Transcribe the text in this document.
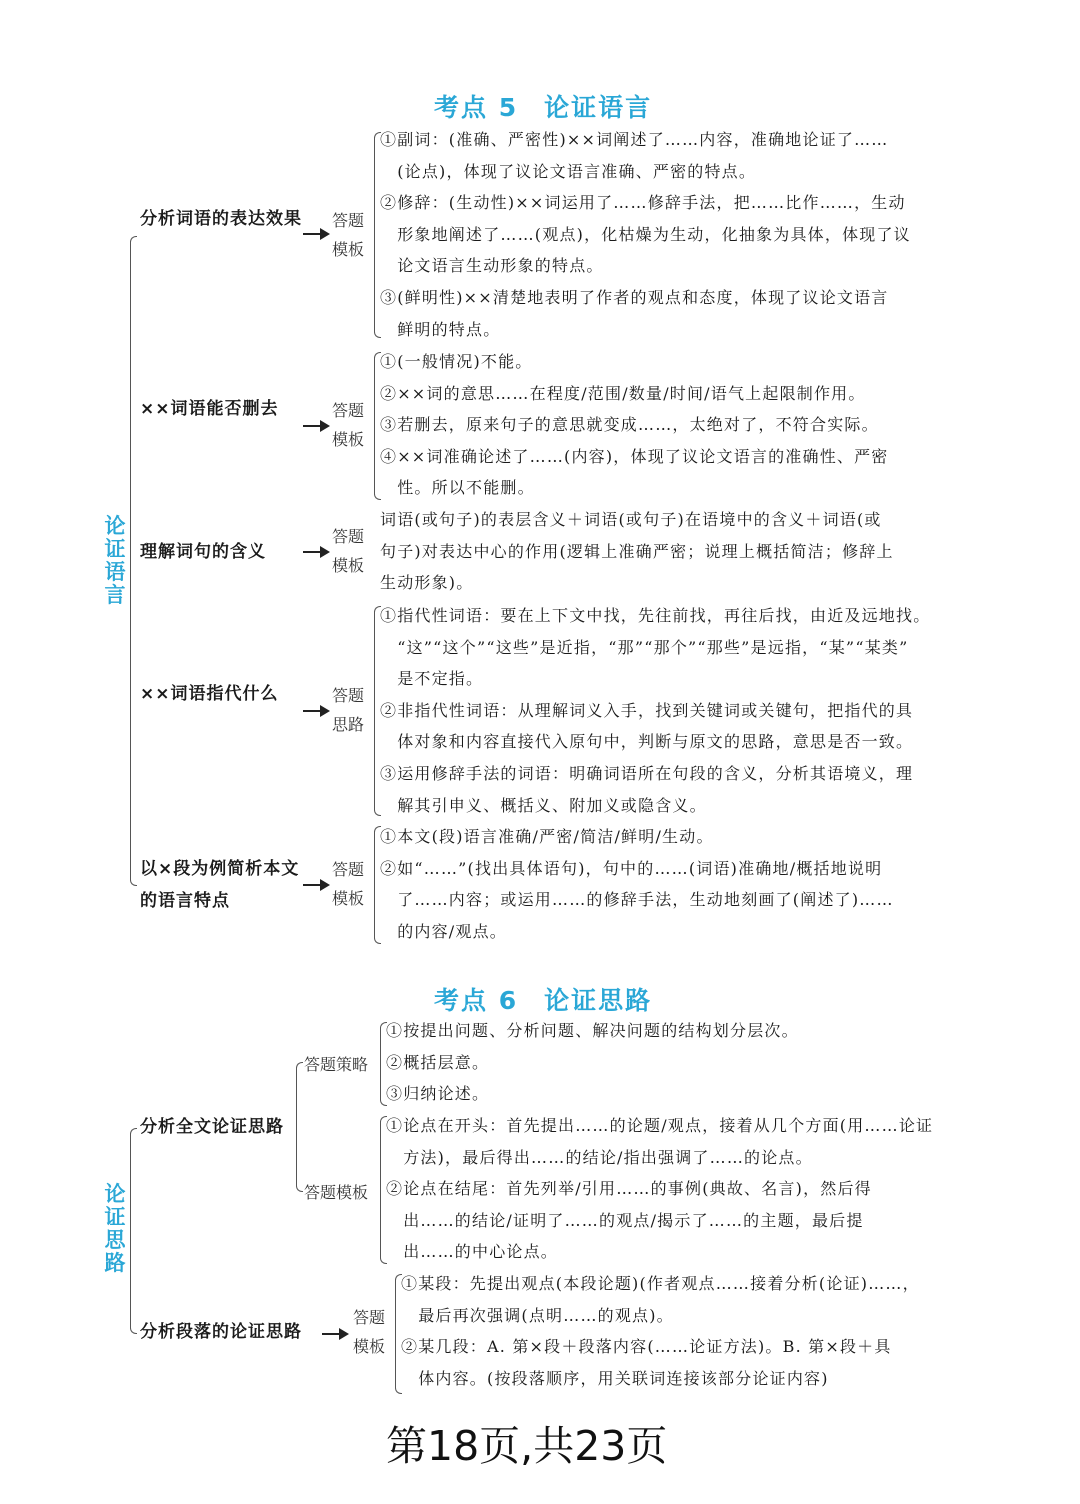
考点 5 论证语言
论证语言
分析词语的表达效果 答题
模板
①副词：(准确、严密性)××词阐述了……内容，准确地论证了……
　(论点)，体现了议论文语言准确、严密的特点。
②修辞：(生动性)××词运用了……修辞手法，把……比作……，生动
　形象地阐述了……(观点)，化枯燥为生动，化抽象为具体，体现了议
　论文语言生动形象的特点。
③(鲜明性)××清楚地表明了作者的观点和态度，体现了议论文语言
　鲜明的特点。
××词语能否删去	答题
模板
①(一般情况)不能。
②××词的意思……在程度/范围/数量/时间/语气上起限制作用。
③若删去，原来句子的意思就变成……，太绝对了，不符合实际。
④××词准确论述了……(内容)，体现了议论文语言的准确性、严密
　性。所以不能删。
理解词句的含义
答题
模板
词语(或句子)的表层含义＋词语(或句子)在语境中的含义＋词语(或
句子)对表达中心的作用(逻辑上准确严密；说理上概括简洁；修辞上
生动形象)。
××词语指代什么	答题
思路
①指代性词语：要在上下文中找，先往前找，再往后找，由近及远地找。
　“这”“这个”“这些”是近指，“那”“那个”“那些”是远指，“某”“某类”
　是不定指。
②非指代性词语：从理解词义入手，找到关键词或关键句，把指代的具
　体对象和内容直接代入原句中，判断与原文的思路，意思是否一致。
③运用修辞手法的词语：明确词语所在句段的含义，分析其语境义，理
　解其引申义、概括义、附加义或隐含义。
以×段为例简析本文的语言特点
答题
模板
①本文(段)语言准确/严密/简洁/鲜明/生动。
②如“……”(找出具体语句)，句中的……(词语)准确地/概括地说明
　了……内容；或运用……的修辞手法，生动地刻画了(阐述了)……
　的内容/观点。
考点 6 论证思路
论证思路
分析全文论证思路
答题策略
①按提出问题、分析问题、解决问题的结构划分层次。
②概括层意。
③归纳论述。
答题模板
①论点在开头：首先提出……的论题/观点，接着从几个方面(用……论证
　方法)，最后得出……的结论/指出强调了……的论点。
②论点在结尾：首先列举/引用……的事例(典故、名言)，然后得
　出……的结论/证明了……的观点/揭示了……的主题，最后提
　出……的中心论点。
分析段落的论证思路
答题
模板
①某段：先提出观点(本段论题)(作者观点……接着分析(论证)……，
　最后再次强调(点明……的观点)。
②某几段：A. 第×段＋段落内容(……论证方法)。B. 第×段＋具
　体内容。(按段落顺序，用关联词连接该部分论证内容)
第18页,共23页
